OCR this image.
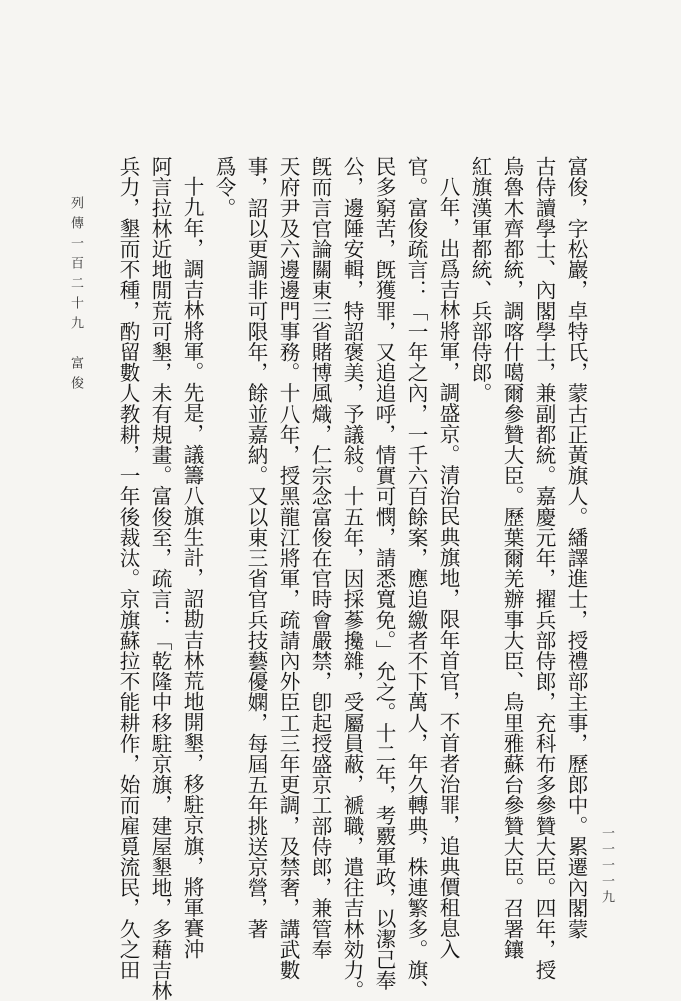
富俊，字松巖，卓特氏，蒙古正黃旗人。繙譯進士，授禮部主事，歷郎中。累遷內閣蒙
古侍讀學士、內閣學士，兼副都統。嘉慶元年，擢兵部侍郎，充科布多參贊大臣。四年，授
烏魯木齊都統，調喀什噶爾參贊大臣。歷葉爾羌辦事大臣、烏里雅蘇台參贊大臣。召署鑲
紅旗漢軍都統、兵部侍郎。
八年，出爲吉林將軍，調盛京。清治民典旗地，限年首官，不首者治罪，追典價租息入
官。富俊疏言：「一年之內，一千六百餘案，應追繳者不下萬人，年久轉典，株連繁多。旗、
民多窮苦，旣獲罪，又追追呼，情實可憫，請悉寬免。」允之。十二年，考覈軍政，以潔己奉
公，邊陲安輯，特詔褒美，予議敍。十五年，因採蔘攙雜，受屬員蔽，褫職，遣往吉林効力。
旣而言官論關東三省賭博風熾，仁宗念富俊在官時會嚴禁，卽起授盛京工部侍郎，兼管奉
天府尹及六邊邊門事務。十八年，授黑龍江將軍，疏請內外臣工三年更調，及禁奢，講武數
事，詔以更調非可限年，餘並嘉納。又以東三省官兵技藝優嫻，每屆五年挑送京營，著
爲令。
十九年，調吉林將軍。先是，議籌八旗生計，詔勘吉林荒地開墾，移駐京旗，將軍賽沖
阿言拉林近地閒荒可墾，未有規畫。富俊至，疏言：「乾隆中移駐京旗，建屋墾地，多藉吉林
兵力，墾而不種，酌留數人教耕，一年後裁汰。京旗蘇拉不能耕作，始而雇覓流民，久之田
列傳一百二十九　富俊
一一一一九
